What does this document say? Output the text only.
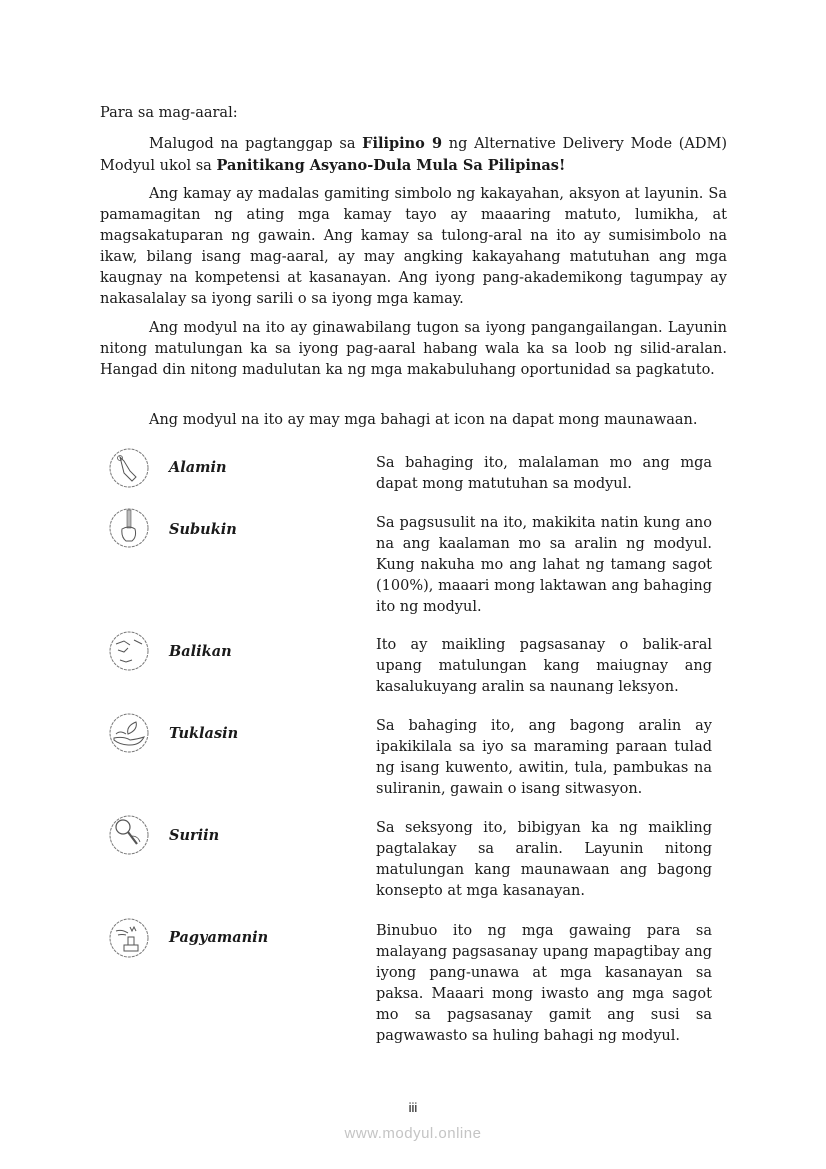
Para sa mag-aaral:

Malugod na pagtanggap sa Filipino 9 ng Alternative Delivery Mode (ADM) Modyul ukol sa Panitikang Asyano-Dula Mula Sa Pilipinas!

Ang kamay ay madalas gamiting simbolo ng kakayahan, aksyon at layunin. Sa pamamagitan ng ating mga kamay tayo ay maaaring matuto, lumikha, at magsakatuparan ng gawain. Ang kamay sa tulong-aral na ito ay sumisimbolo na ikaw, bilang isang mag-aaral, ay may angking kakayahang matutuhan ang mga kaugnay na kompetensi at kasanayan. Ang iyong pang-akademikong tagumpay ay nakasalalay sa iyong sarili o sa iyong mga kamay.

Ang modyul na ito ay ginawabilang tugon sa iyong pangangailangan. Layunin nitong matulungan ka sa iyong pag-aaral habang wala ka sa loob ng silid-aralan. Hangad din nitong madulutan ka ng mga makabuluhang oportunidad sa pagkatuto.

Ang modyul na ito ay may mga bahagi at icon na dapat mong maunawaan.

Alamin	Sa bahaging ito, malalaman mo ang mga dapat mong matutuhan sa modyul.
Subukin	Sa pagsusulit na ito, makikita natin kung ano na ang kaalaman mo sa aralin ng modyul. Kung nakuha mo ang lahat ng tamang sagot (100%), maaari mong laktawan ang bahaging ito ng modyul.
Balikan	Ito ay maikling pagsasanay o balik-aral upang matulungan kang maiugnay ang kasalukuyang aralin sa naunang leksyon.
Tuklasin	Sa bahaging ito, ang bagong aralin ay ipakikilala sa iyo sa maraming paraan tulad ng isang kuwento, awitin, tula, pambukas na suliranin, gawain o isang sitwasyon.
Suriin	Sa seksyong ito, bibigyan ka ng maikling pagtalakay sa aralin. Layunin nitong matulungan kang maunawaan ang bagong konsepto at mga kasanayan.
Pagyamanin	Binubuo ito ng mga gawaing para sa malayang pagsasanay upang mapagtibay ang iyong pang-unawa at mga kasanayan sa paksa. Maaari mong iwasto ang mga sagot mo sa pagsasanay gamit ang susi sa pagwawasto sa huling bahagi ng modyul.
iii
www.modyul.online
